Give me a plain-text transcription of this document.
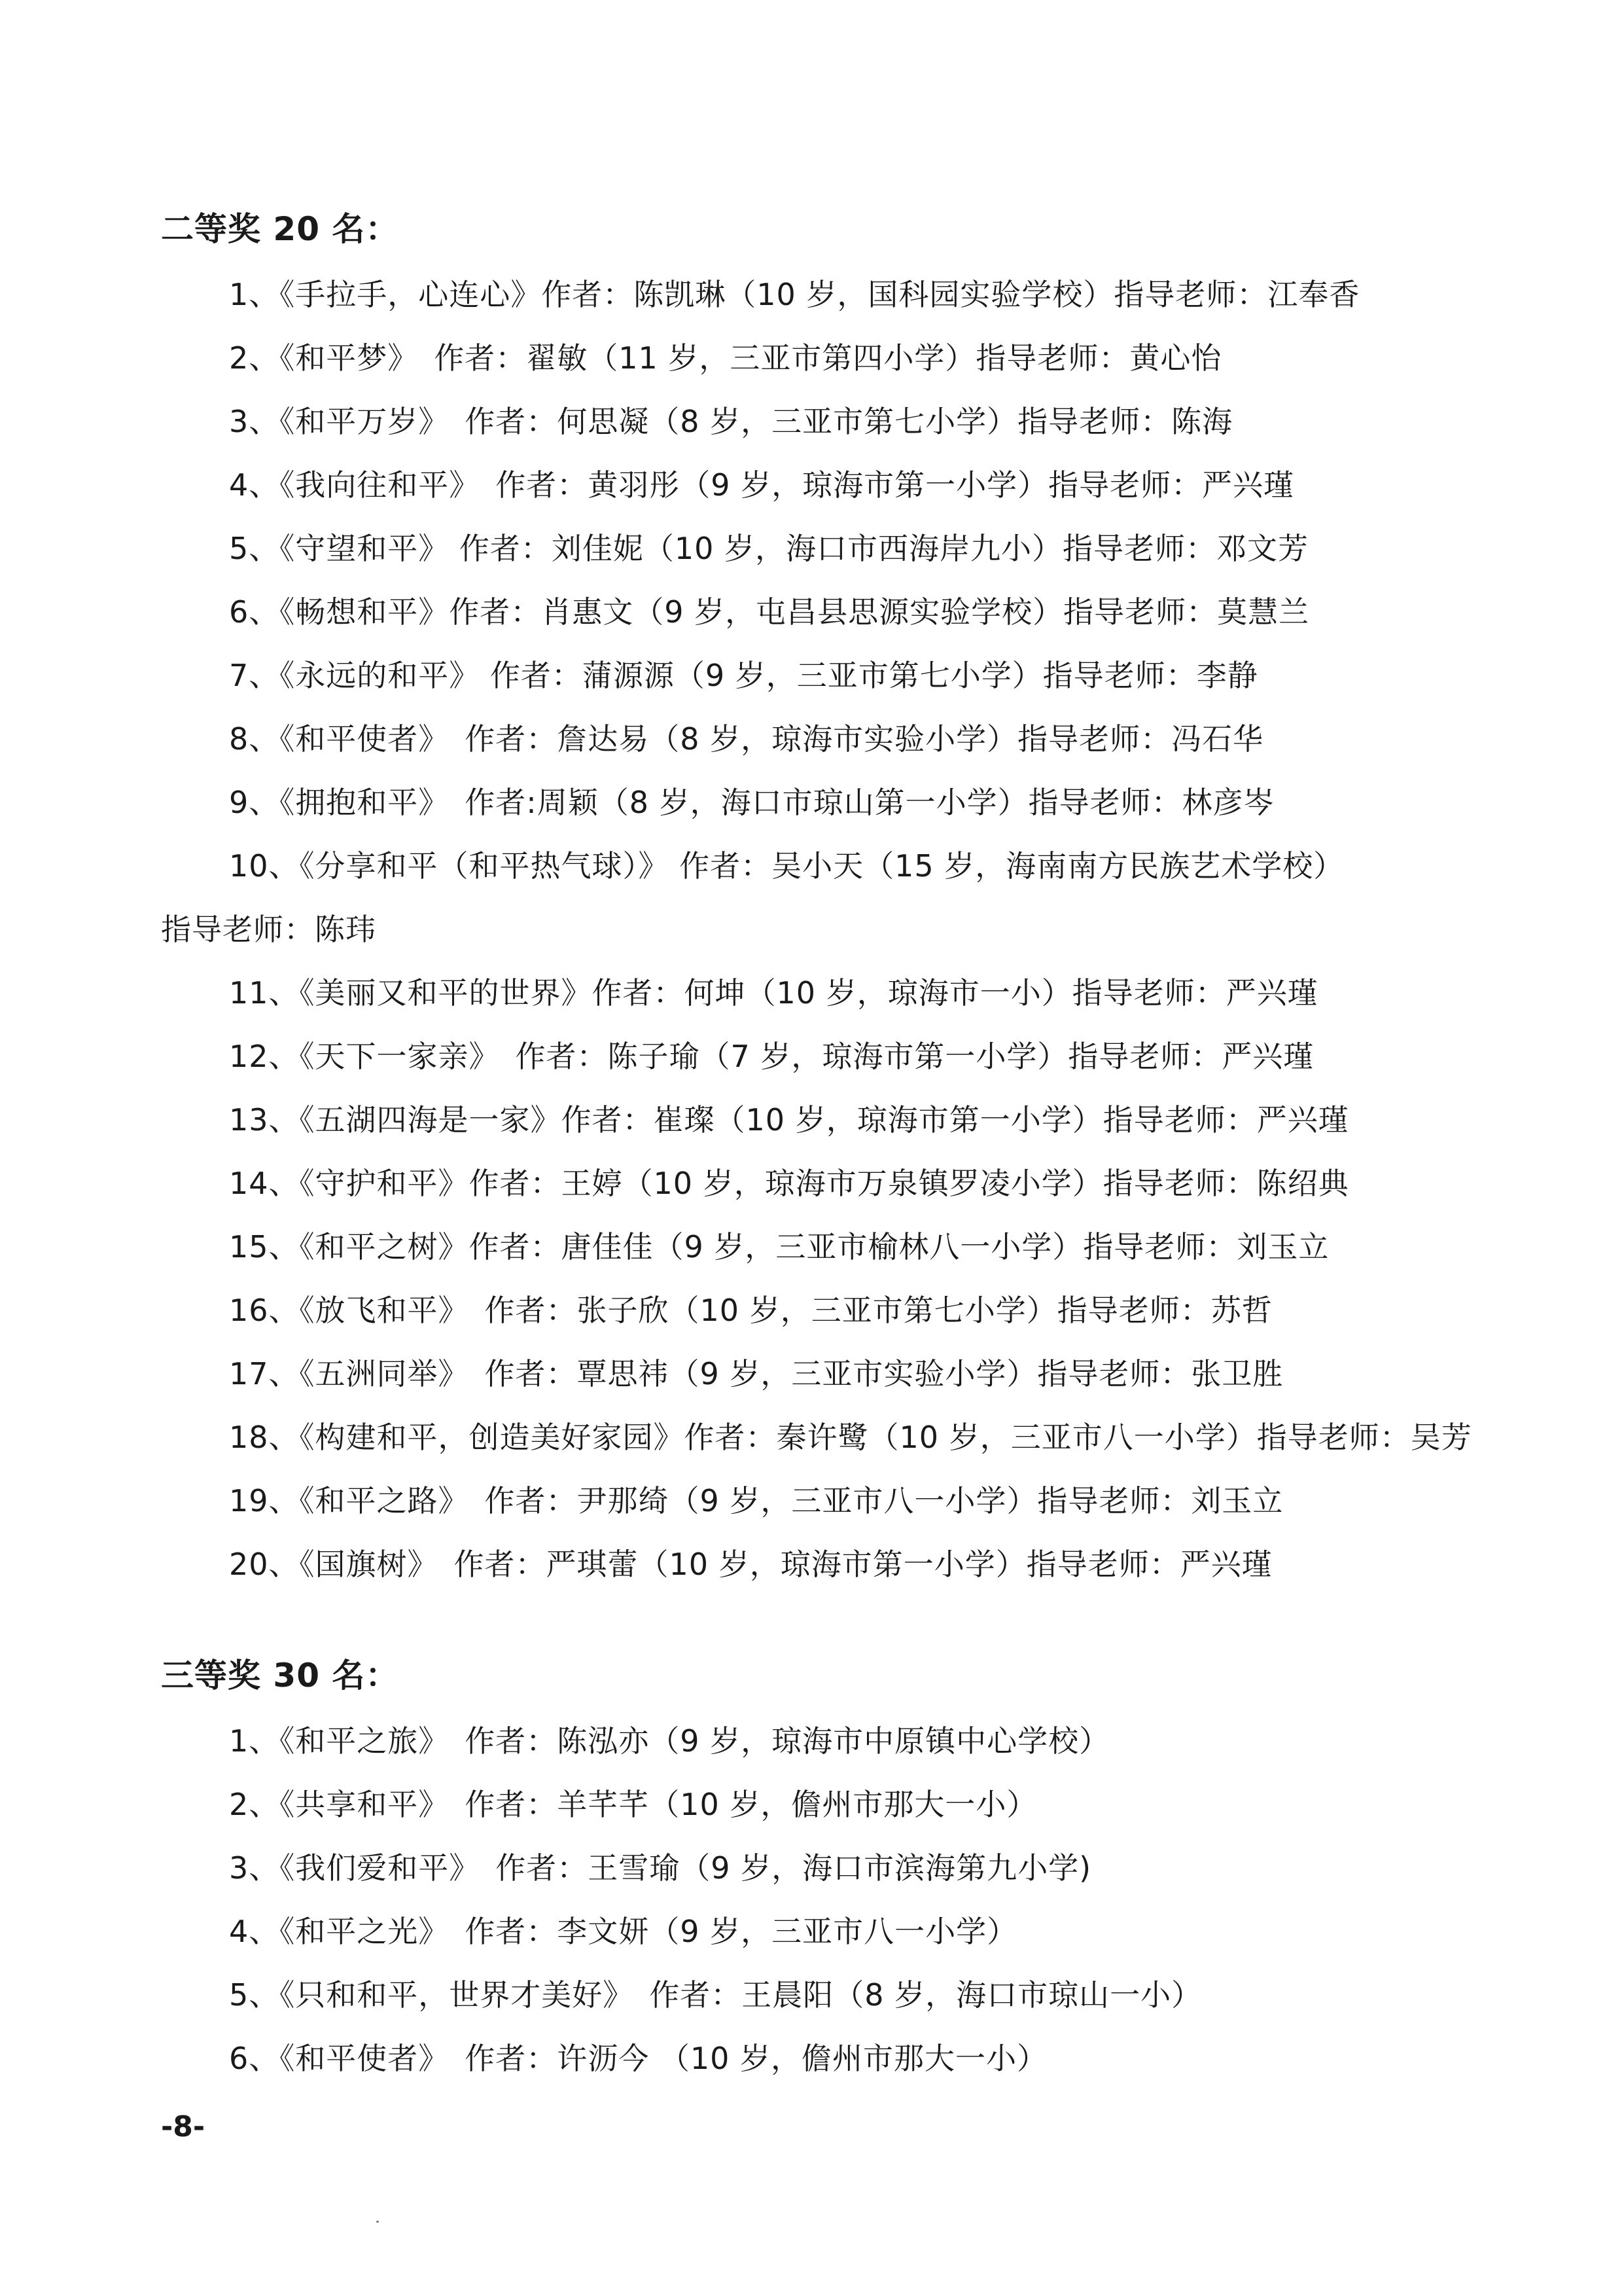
二等奖 20 名：
1、《手拉手，心连心》作者：陈凯琳（10 岁，国科园实验学校）指导老师：江奉香
2、《和平梦》　作者：翟敏（11 岁，三亚市第四小学）指导老师：黄心怡
3、《和平万岁》　作者：何思凝（8 岁，三亚市第七小学）指导老师：陈海
4、《我向往和平》　作者：黄羽彤（9 岁，琼海市第一小学）指导老师：严兴瑾
5、《守望和平》 作者：刘佳妮（10 岁，海口市西海岸九小）指导老师：邓文芳
6、《畅想和平》作者：肖惠文（9 岁，屯昌县思源实验学校）指导老师：莫慧兰
7、《永远的和平》 作者：蒲源源（9 岁，三亚市第七小学）指导老师：李静
8、《和平使者》　作者：詹达易（8 岁，琼海市实验小学）指导老师：冯石华
9、《拥抱和平》　作者:周颖（8 岁，海口市琼山第一小学）指导老师：林彦岑
10、《分享和平（和平热气球）》 作者：吴小天（15 岁，海南南方民族艺术学校）
指导老师：陈玮
11、《美丽又和平的世界》作者：何坤（10 岁，琼海市一小）指导老师：严兴瑾
12、《天下一家亲》　作者：陈子瑜（7 岁，琼海市第一小学）指导老师：严兴瑾
13、《五湖四海是一家》作者：崔璨（10 岁，琼海市第一小学）指导老师：严兴瑾
14、《守护和平》作者：王婷（10 岁，琼海市万泉镇罗凌小学）指导老师：陈绍典
15、《和平之树》作者：唐佳佳（9 岁，三亚市榆林八一小学）指导老师：刘玉立
16、《放飞和平》　作者：张子欣（10 岁，三亚市第七小学）指导老师：苏哲
17、《五洲同举》　作者：覃思祎（9 岁，三亚市实验小学）指导老师：张卫胜
18、《构建和平，创造美好家园》作者：秦许鹭（10 岁，三亚市八一小学）指导老师：吴芳
19、《和平之路》　作者：尹那绮（9 岁，三亚市八一小学）指导老师：刘玉立
20、《国旗树》　作者：严琪蕾（10 岁，琼海市第一小学）指导老师：严兴瑾
三等奖 30 名：
1、《和平之旅》　作者：陈泓亦（9 岁，琼海市中原镇中心学校）
2、《共享和平》　作者：羊芊芊（10 岁，儋州市那大一小）
3、《我们爱和平》　作者：王雪瑜（9 岁，海口市滨海第九小学)
4、《和平之光》　作者：李文妍（9 岁，三亚市八一小学）
5、《只和和平，世界才美好》　作者：王晨阳（8 岁，海口市琼山一小）
6、《和平使者》　作者：许沥今 （10 岁，儋州市那大一小）
-8-
